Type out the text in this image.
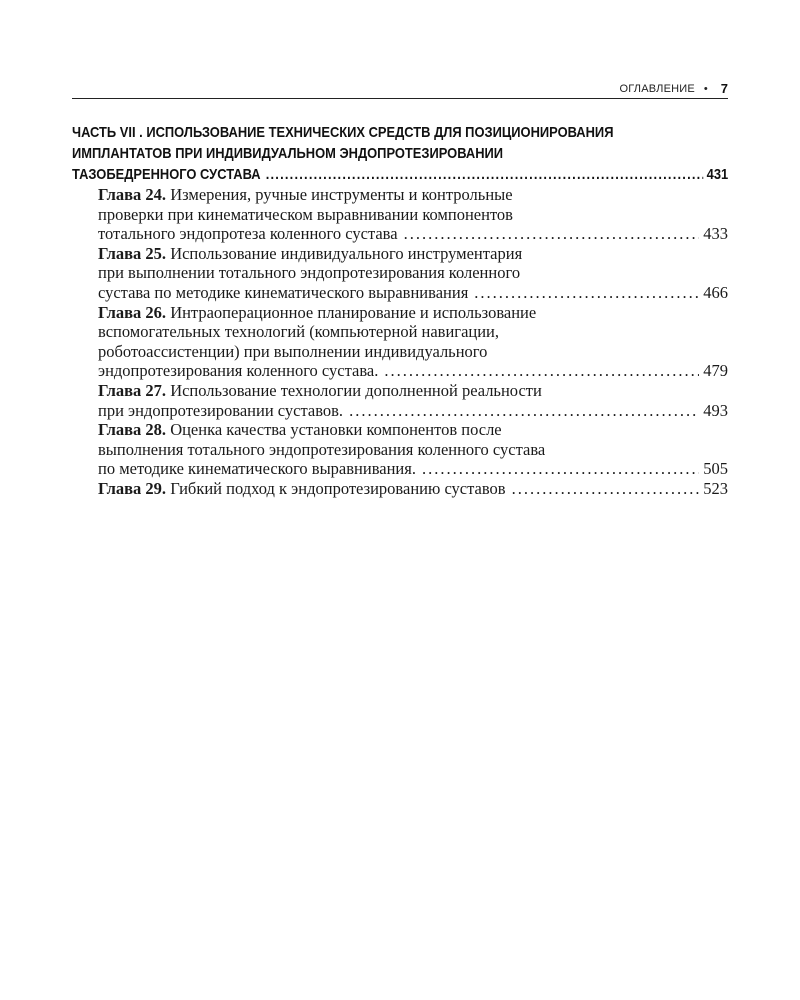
ОГЛАВЛЕНИЕ • 7
ЧАСТЬ VII . ИСПОЛЬЗОВАНИЕ ТЕХНИЧЕСКИХ СРЕДСТВ ДЛЯ ПОЗИЦИОНИРОВАНИЯ
ИМПЛАНТАТОВ ПРИ ИНДИВИДУАЛЬНОМ ЭНДОПРОТЕЗИРОВАНИИ
ТАЗОБЕДРЕННОГО СУСТАВА .....	431
Глава 24. Измерения, ручные инструменты и контрольные
проверки при кинематическом выравнивании компонентов
тотального эндопротеза коленного сустава .....	433
Глава 25. Использование индивидуального инструментария
при выполнении тотального эндопротезирования коленного
сустава по методике кинематического выравнивания .....	466
Глава 26. Интраоперационное планирование и использование
вспомогательных технологий (компьютерной навигации,
роботоассистенции) при выполнении индивидуального
эндопротезирования коленного сустава. .....	479
Глава 27. Использование технологии дополненной реальности
при эндопротезировании суставов. .....	493
Глава 28. Оценка качества установки компонентов после
выполнения тотального эндопротезирования коленного сустава
по методике кинематического выравнивания. .....	505
Глава 29.
Гибкий подход к эндопротезированию суставов .....	523
